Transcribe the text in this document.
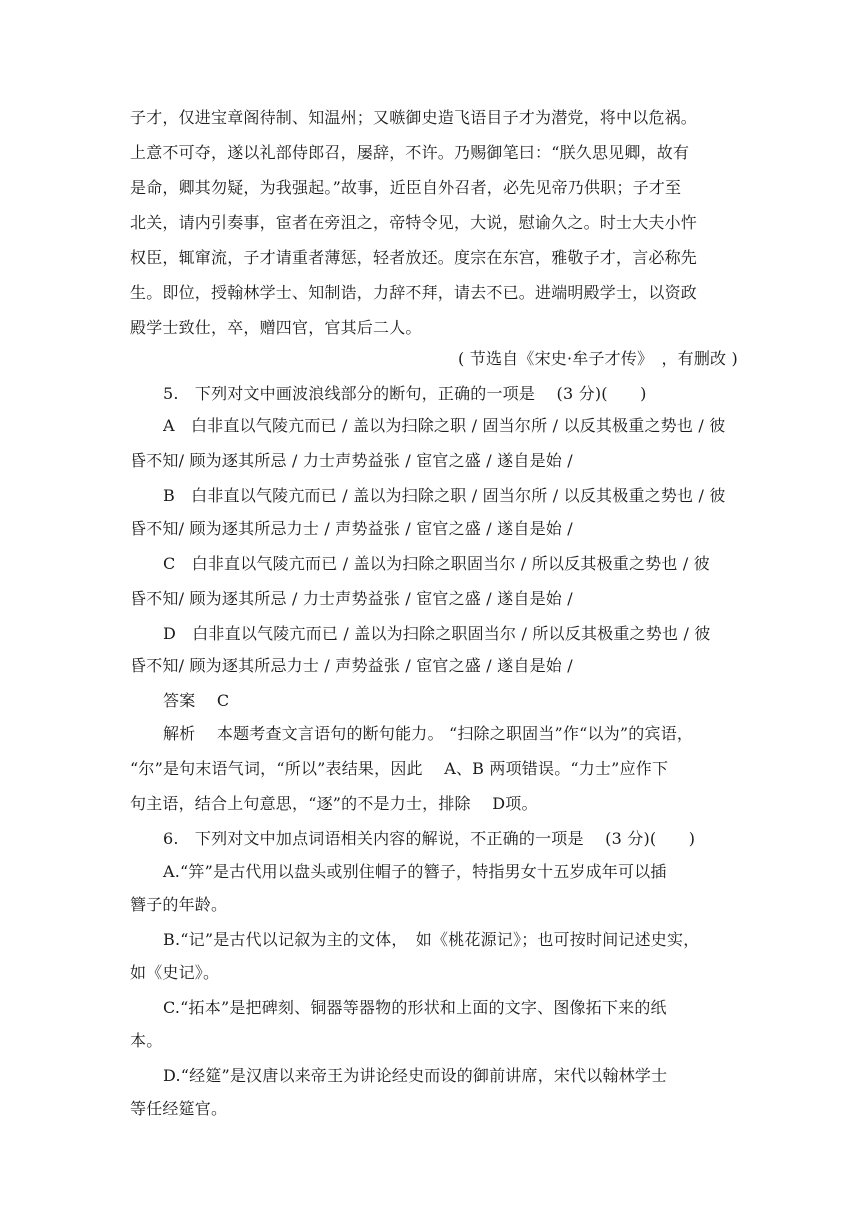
子才，仅进宝章阁待制、知温州；又嗾御史造飞语目子才为潜党，将中以危祸。
上意不可夺，遂以礼部侍郎召，屡辞，不许。乃赐御笔曰：“朕久思见卿，故有
是命，卿其勿疑，为我强起。”故事，近臣自外召者，必先见帝乃供职；子才至
北关，请内引奏事，宦者在旁沮之，帝特令见，大说，慰谕久之。时士大夫小忤
权臣，辄窜流，子才请重者薄惩，轻者放还。度宗在东宫，雅敬子才，言必称先
生。即位，授翰林学士、知制诰，力辞不拜，请去不已。进端明殿学士，以资政
殿学士致仕，卒，赠四官，官其后二人。
( 节选自《宋史·牟子才传》　，有删改 )
5.　下列对文中画波浪线部分的断句，正确的一项是　 (3 分)(　　)
A　白非直以气陵亢而已 / 盖以为扫除之职 / 固当尔所 / 以反其极重之势也 / 彼
昏不知/ 顾为逐其所忌 / 力士声势益张 / 宦官之盛 / 遂自是始 /
B　白非直以气陵亢而已 / 盖以为扫除之职 / 固当尔所 / 以反其极重之势也 / 彼
昏不知/ 顾为逐其所忌力士 / 声势益张 / 宦官之盛 / 遂自是始 /
C　白非直以气陵亢而已 / 盖以为扫除之职固当尔 / 所以反其极重之势也 / 彼
昏不知/ 顾为逐其所忌 / 力士声势益张 / 宦官之盛 / 遂自是始 /
D　白非直以气陵亢而已 / 盖以为扫除之职固当尔 / 所以反其极重之势也 / 彼
昏不知/ 顾为逐其所忌力士 / 声势益张 / 宦官之盛 / 遂自是始 /
答案　 C
解析　 本题考查文言语句的断句能力。 “扫除之职固当”作“以为”的宾语，
“尔”是句末语气词，“所以”表结果，因此　 A、B 两项错误。“力士”应作下
句主语，结合上句意思，“逐”的不是力士，排除　 D项。
6.　下列对文中加点词语相关内容的解说，不正确的一项是　 (3 分)(　　)
A.“笄”是古代用以盘头或别住帽子的簪子，特指男女十五岁成年可以插
簪子的年龄。
B.“记”是古代以记叙为主的文体，　如《桃花源记》；也可按时间记述史实，
如《史记》。
C.“拓本”是把碑刻、铜器等器物的形状和上面的文字、图像拓下来的纸
本。
D.“经筵”是汉唐以来帝王为讲论经史而设的御前讲席，宋代以翰林学士
等任经筵官。
